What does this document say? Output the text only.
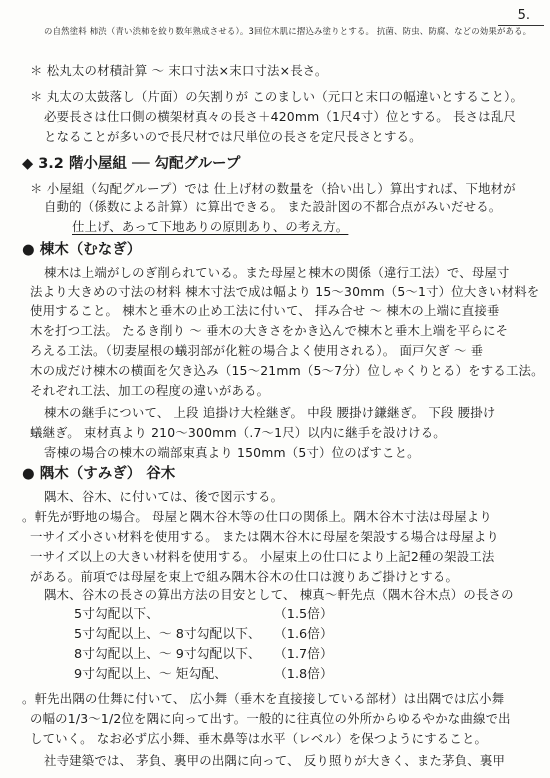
5.
の自然塗料 柿渋（青い渋柿を絞り数年熟成させる）。3回位木肌に摺込み塗りとする。 抗菌、防虫、防腐、などの効果がある。
＊ 松丸太の材積計算 〜 末口寸法×末口寸法×長さ。
＊ 丸太の太鼓落し（片面）の矢割りが このましい（元口と末口の幅違いとすること）。
必要長さは仕口側の横架材真々の長さ＋420mm（1尺4寸）位とする。 長さは乱尺
となることが多いので長尺材では尺単位の長さを定尺長さとする。
◆ 3.2 階小屋組 ── 勾配グループ
＊ 小屋組（勾配グループ）では 仕上げ材の数量を（拾い出し）算出すれば、下地材が
自動的（係数による計算）に算出できる。 また設計図の不都合点がみいだせる。
仕上げ、あって下地ありの原則あり、の考え方。
● 棟木（むなぎ）
棟木は上端がしのぎ削られている。また母屋と棟木の関係（違行工法）で、母屋寸
法より大きめの寸法の材料 棟木寸法で成は幅より 15〜30mm（5〜1寸）位大きい材料を
使用すること。 棟木と垂木の止め工法に付いて、 拝み合せ 〜 棟木の上端に直接垂
木を打つ工法。 たるき削り 〜 垂木の大きさをかき込んで棟木と垂木上端を平らにそ
ろえる工法。（切妻屋根の蟻羽部が化粧の場合よく使用される）。 面戸欠ぎ 〜 垂
木の成だけ棟木の横面を欠き込み（15〜21mm（5〜7分）位しゃくりとる）をする工法。
それぞれ工法、加工の程度の違いがある。
棟木の継手について、 上段 追掛け大栓継ぎ。 中段 腰掛け鎌継ぎ。 下段 腰掛け
蟻継ぎ。 束材真より 210〜300mm（.7〜1尺）以内に継手を設けける。
寄棟の場合の棟木の端部束真より 150mm（5寸）位のばすこと。
● 隅木（すみぎ） 谷木
隅木、谷木、に付いては、後で図示する。
。軒先が野地の場合。 母屋と隅木谷木等の仕口の関係上。隅木谷木寸法は母屋より
一サイズ小さい材料を使用する。 または隅木谷木に母屋を架設する場合は母屋より
一サイズ以上の大きい材料を使用する。 小屋束上の仕口により上記2種の架設工法
がある。前項では母屋を束上で組み隅木谷木の仕口は渡りあご掛けとする。
隅木、谷木の長さの算出方法の目安として、 棟真〜軒先点（隅木谷木点）の長さの
5寸勾配以下、	（1.5倍）
5寸勾配以上、〜 8寸勾配以下、 （1.6倍）
8寸勾配以上、〜 9寸勾配以下、 （1.7倍）
9寸勾配以上、〜 矩勾配、	（1.8倍）
。軒先出隅の仕舞に付いて、 広小舞（垂木を直接接している部材）は出隅では広小舞
の幅の1/3〜1/2位を隅に向って出す。一般的に往真位の外所からゆるやかな曲線で出
していく。 なお必ず広小舞、垂木鼻等は水平（レベル）を保つようにすること。
社寺建築では、 茅負、裏甲の出隅に向って、 反り照りが大きく、また茅負、裏甲
